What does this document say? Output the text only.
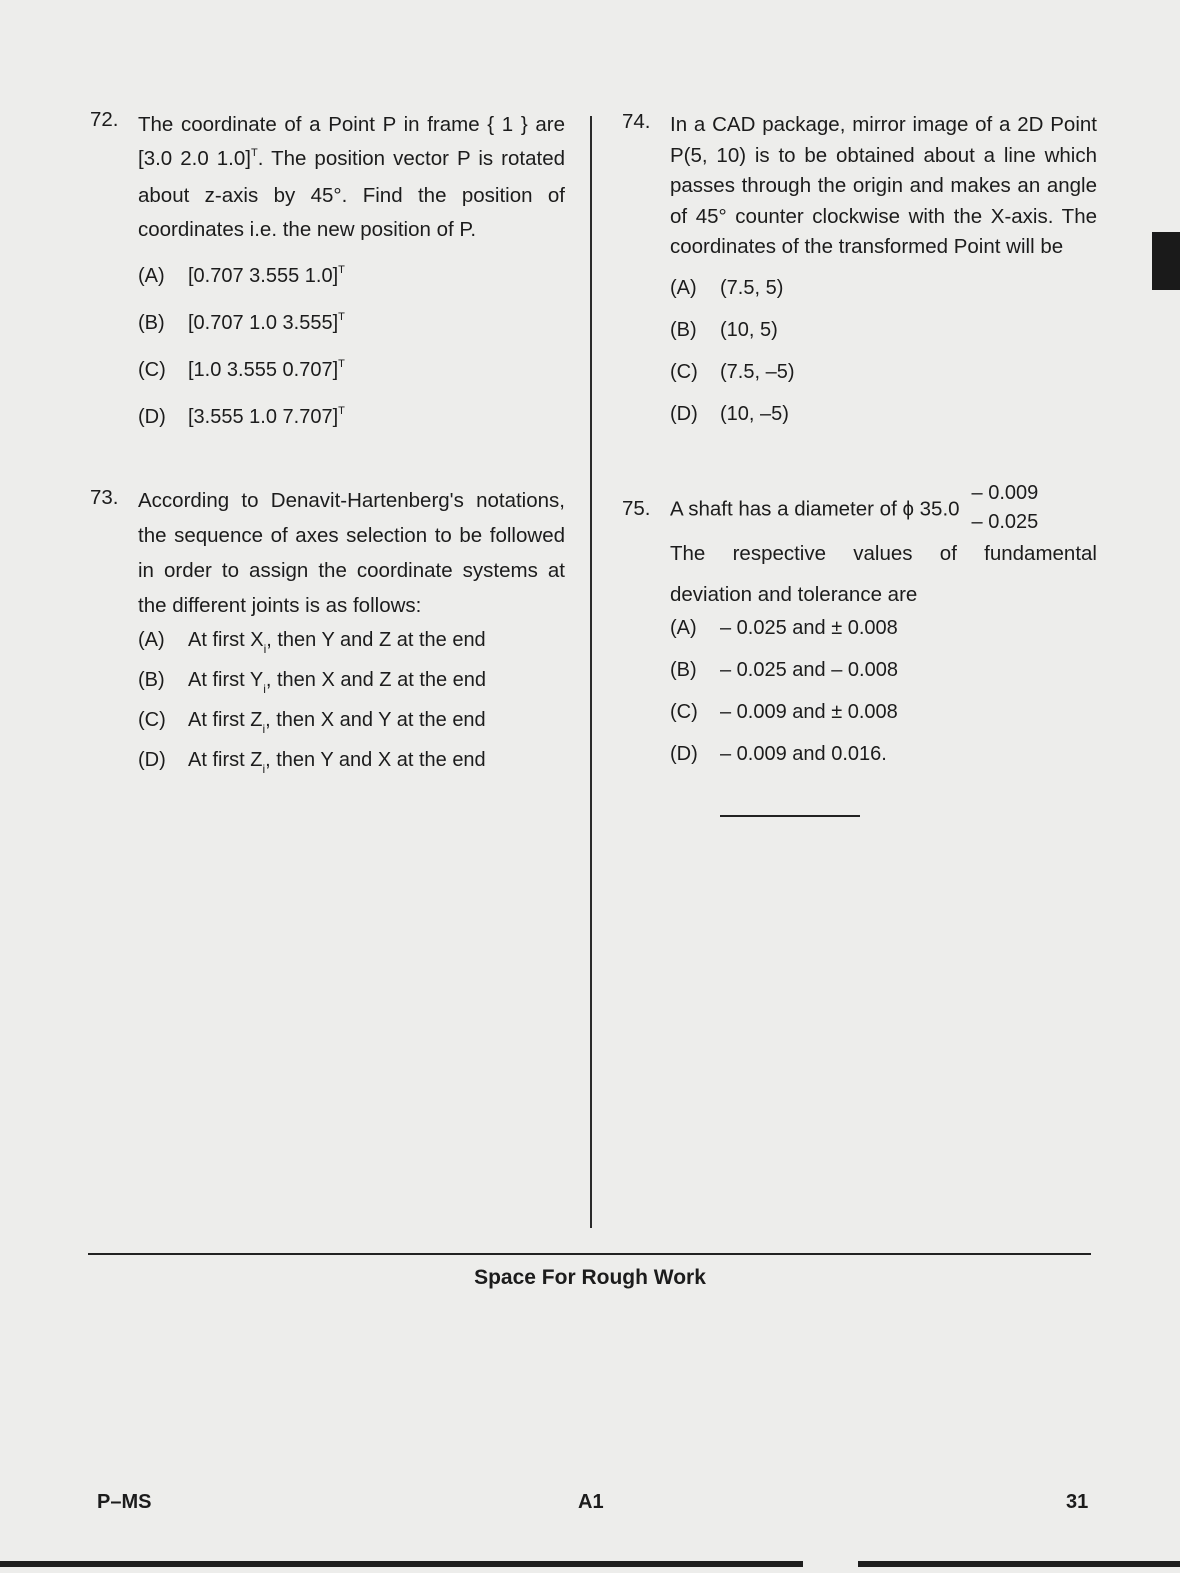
72. The coordinate of a Point P in frame { 1 } are [3.0 2.0 1.0]$^T$. The position vector P is rotated about z-axis by 45°. Find the position of coordinates i.e. the new position of P.
(A) [0.707 3.555 1.0]$^T$
(B) [0.707 1.0 3.555]$^T$
(C) [1.0 3.555 0.707]$^T$
(D) [3.555 1.0 7.707]$^T$
73. According to Denavit-Hartenberg's notations, the sequence of axes selection to be followed in order to assign the coordinate systems at the different joints is as follows:
(A) At first $X_i$, then Y and Z at the end
(B) At first $Y_i$, then X and Z at the end
(C) At first $Z_i$, then X and Y at the end
(D) At first $Z_i$, then Y and X at the end
74. In a CAD package, mirror image of a 2D Point P(5, 10) is to be obtained about a line which passes through the origin and makes an angle of 45° counter clockwise with the X-axis. The coordinates of the transformed Point will be
(A) (7.5, 5)
(B) (10, 5)
(C) (7.5, –5)
(D) (10, –5)
75. A shaft has a diameter of ϕ 35.0
– 0.009
– 0.025
The respective values of fundamental deviation and tolerance are
(A) – 0.025 and ± 0.008
(B) – 0.025 and – 0.008
(C) – 0.009 and ± 0.008
(D) – 0.009 and 0.016.
Space For Rough Work
P–MS	A1	31
